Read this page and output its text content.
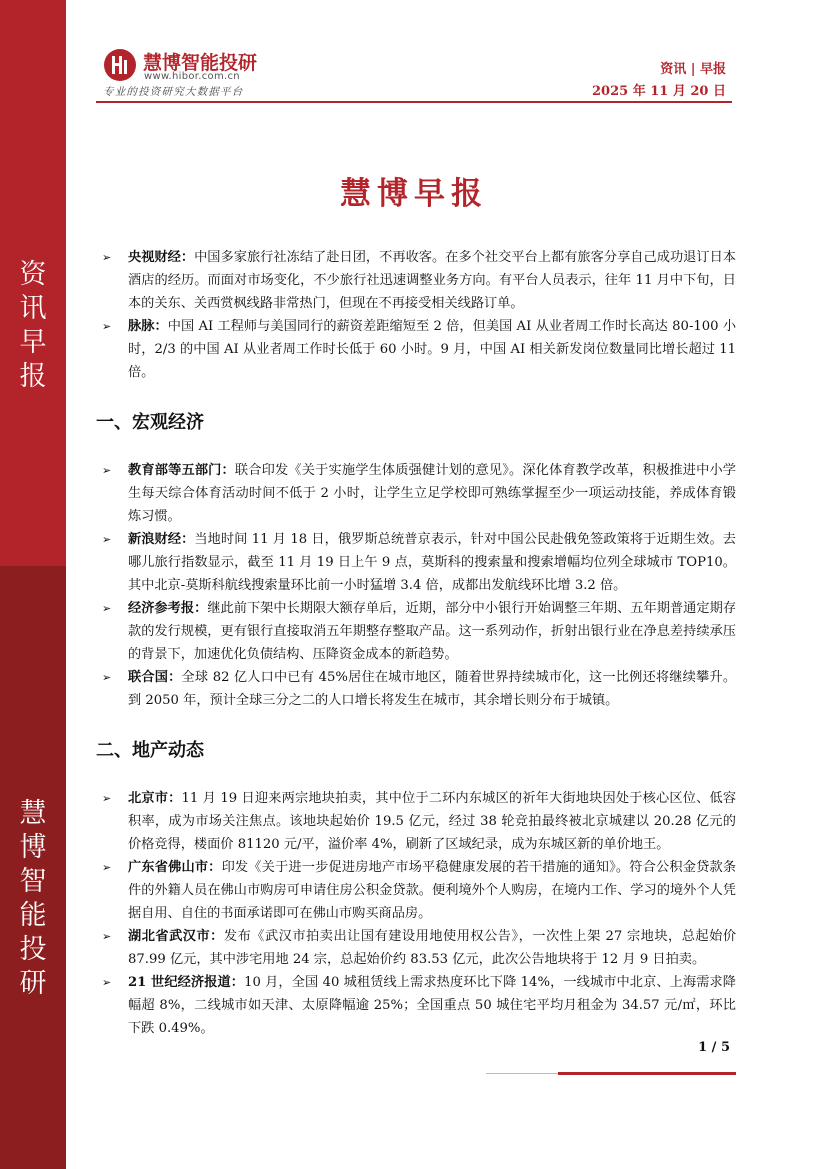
资
讯
早
报
慧
博
智
能
投
研
慧博智能投研
www.hibor.com.cn
专业的投资研究大数据平台
资讯 | 早报
2025 年 11 月 20 日
慧博早报

➢ 央视财经：中国多家旅行社冻结了赴日团，不再收客。在多个社交平台上都有旅客分享自己成功退订日本酒店的经历。而面对市场变化，不少旅行社迅速调整业务方向。有平台人员表示，往年 11 月中下旬，日本的关东、关西赏枫线路非常热门，但现在不再接受相关线路订单。

➢ 脉脉：中国 AI 工程师与美国同行的薪资差距缩短至 2 倍，但美国 AI 从业者周工作时长高达 80-100 小时，2/3 的中国 AI 从业者周工作时长低于 60 小时。9 月，中国 AI 相关新发岗位数量同比增长超过 11 倍。

一、宏观经济

➢ 教育部等五部门：联合印发《关于实施学生体质强健计划的意见》。深化体育教学改革，积极推进中小学生每天综合体育活动时间不低于 2 小时，让学生立足学校即可熟练掌握至少一项运动技能，养成体育锻炼习惯。

➢ 新浪财经：当地时间 11 月 18 日，俄罗斯总统普京表示，针对中国公民赴俄免签政策将于近期生效。去哪儿旅行指数显示，截至 11 月 19 日上午 9 点，莫斯科的搜索量和搜索增幅均位列全球城市 TOP10。其中北京-莫斯科航线搜索量环比前一小时猛增 3.4 倍，成都出发航线环比增 3.2 倍。

➢ 经济参考报：继此前下架中长期限大额存单后，近期，部分中小银行开始调整三年期、五年期普通定期存款的发行规模，更有银行直接取消五年期整存整取产品。这一系列动作，折射出银行业在净息差持续承压的背景下，加速优化负债结构、压降资金成本的新趋势。

➢ 联合国：全球 82 亿人口中已有 45%居住在城市地区，随着世界持续城市化，这一比例还将继续攀升。到 2050 年，预计全球三分之二的人口增长将发生在城市，其余增长则分布于城镇。

二、地产动态

➢ 北京市：11 月 19 日迎来两宗地块拍卖，其中位于二环内东城区的祈年大街地块因处于核心区位、低容积率，成为市场关注焦点。该地块起始价 19.5 亿元，经过 38 轮竞拍最终被北京城建以 20.28 亿元的价格竞得，楼面价 81120 元/平，溢价率 4%，刷新了区域纪录，成为东城区新的单价地王。

➢ 广东省佛山市：印发《关于进一步促进房地产市场平稳健康发展的若干措施的通知》。符合公积金贷款条件的外籍人员在佛山市购房可申请住房公积金贷款。便利境外个人购房，在境内工作、学习的境外个人凭据自用、自住的书面承诺即可在佛山市购买商品房。

➢ 湖北省武汉市：发布《武汉市拍卖出让国有建设用地使用权公告》，一次性上架 27 宗地块，总起始价 87.99 亿元，其中涉宅用地 24 宗，总起始价约 83.53 亿元，此次公告地块将于 12 月 9 日拍卖。

➢ 21 世纪经济报道：10 月，全国 40 城租赁线上需求热度环比下降 14%，一线城市中北京、上海需求降幅超 8%，二线城市如天津、太原降幅逾 25%；全国重点 50 城住宅平均月租金为 34.57 元/㎡，环比下跌 0.49%。

1 / 5
